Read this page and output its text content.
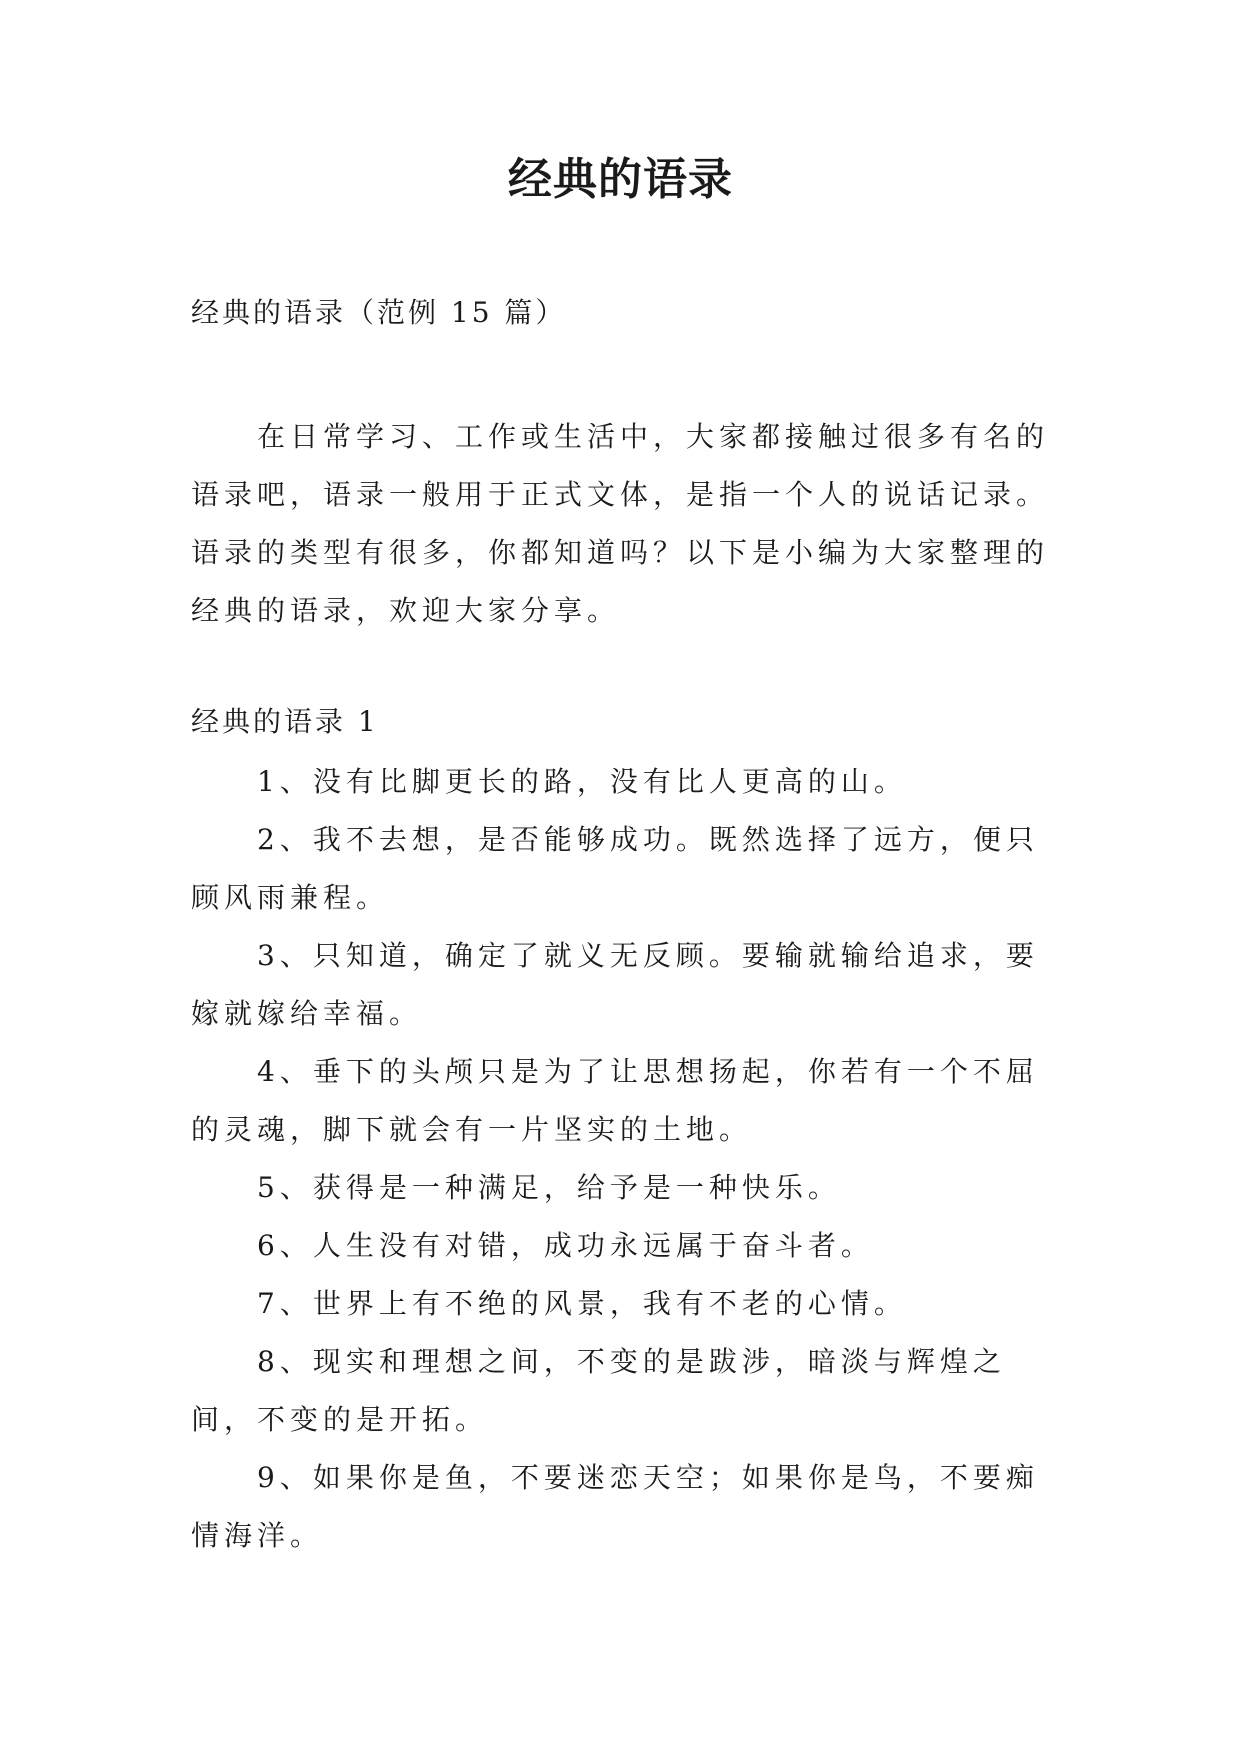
经典的语录
经典的语录（范例 15 篇）

在日常学习、工作或生活中，大家都接触过很多有名的语录吧，语录一般用于正式文体，是指一个人的说话记录。语录的类型有很多，你都知道吗？以下是小编为大家整理的经典的语录，欢迎大家分享。

经典的语录 1
1、没有比脚更长的路，没有比人更高的山。
2、我不去想，是否能够成功。既然选择了远方，便只顾风雨兼程。
3、只知道，确定了就义无反顾。要输就输给追求，要嫁就嫁给幸福。
4、垂下的头颅只是为了让思想扬起，你若有一个不屈的灵魂，脚下就会有一片坚实的土地。
5、获得是一种满足，给予是一种快乐。
6、人生没有对错，成功永远属于奋斗者。
7、世界上有不绝的风景，我有不老的心情。
8、现实和理想之间，不变的是跋涉，暗淡与辉煌之间，不变的是开拓。
9、如果你是鱼，不要迷恋天空；如果你是鸟，不要痴情海洋。
